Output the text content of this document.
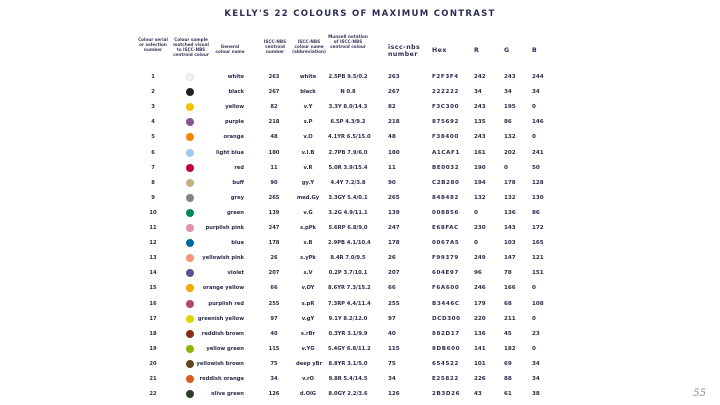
KELLY'S 22 COLOURS OF MAXIMUM CONTRAST
Colour serial or selection number
Colour sample matched visual to ISCC-NBS centroid colour
General colour name
ISCC-NBS centroid number
ISCC-NBS colour name (abbreviation)
Munsell notation of ISCC-NBS centroid colour	iscc-nbs number
Hex	R	G	B
1	white	263	white	2.5PB 9.5/0.2	263	F2F3F4	242	243	244
2	black	267	black	N 0.8	267	222222	34	34	34
3	yellow	82	v.Y	3.3Y 8.0/14.3	82	F3C300	243	195	0
4	purple	218	s.P	6.5P 4.3/9.2	218	875692	135	86	146
5	orange	48	v.O	4.1YR 6.5/15.0	48	F38400	243	132	0
6	light blue	180	v.l.B	2.7PB 7.9/6.0	180	A1CAF1	161	202	241
7	red	11	v.R	5.0R 3.9/15.4	11	BE0032	190	0	50
8	buff	90	gy.Y	4.4Y 7.2/3.8	90	C2B280	194	178	128
9	grey	265	med.Gy 3.3GY 5.4/0.1	265	848482	132	132	130
10	green	139	v.G	3.2G 4.9/11.1	139	008856	0	136	86
11	purplish pink	247	s.pPk	5.6RP 6.8/9.0	247	E68FAC	230	143	172
12	blue	178	s.B	2.9PB 4.1/10.4	178	0067A5	0	103	165
13	yellowish pink	26	s.yPk	8.4R 7.0/9.5	26	F99379	249	147	121
14	violet	207	s.V	0.2P 3.7/10.1	207	604E97	96	78	151
15	orange yellow	66	v.OY	8.6YR 7.3/15.2	66	F6A600	246	166	0
16	purplish red	255	s.pR	7.3RP 4.4/11.4	255	B3446C	179	68	108
17	greenish yellow	97	v.gY	9.1Y 8.2/12.0	97	DCD300 220	211	0
18	reddish brown	40	s.rBr	0.3YR 3.1/9.9	40	882D17	136	45	23
19	yellow green	115	v.YG	5.4GY 6.8/11.2	115	8DB600 141	182	0
20	yellowish brown	75	deep yBr 8.8YR 3.1/5.0	75	654522	101	69	34
21	reddish orange	34	v.rO	9.8R 5.4/14.5	34	E25822	226	88	34
22	olive green	126	d.OlG	8.0GY 2.2/3.6	126	2B3D26 43	61	38	55
